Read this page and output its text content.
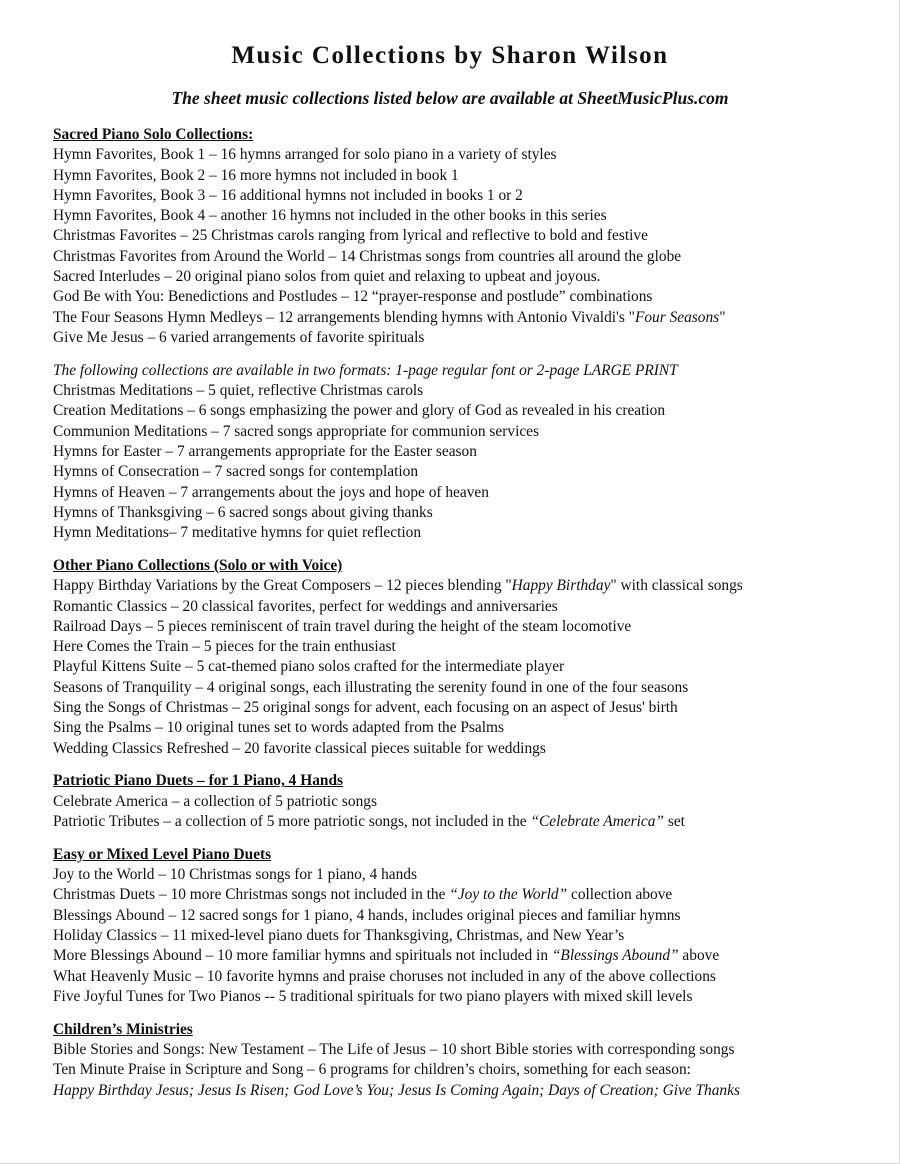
Music Collections by Sharon Wilson
The sheet music collections listed below are available at SheetMusicPlus.com
Sacred Piano Solo Collections:
Hymn Favorites, Book 1 – 16 hymns arranged for solo piano in a variety of styles
Hymn Favorites, Book 2 – 16 more hymns not included in book 1
Hymn Favorites, Book 3 – 16 additional hymns not included in books 1 or 2
Hymn Favorites, Book 4 – another 16 hymns not included in the other books in this series
Christmas Favorites – 25 Christmas carols ranging from lyrical and reflective to bold and festive
Christmas Favorites from Around the World – 14 Christmas songs from countries all around the globe
Sacred Interludes – 20 original piano solos from quiet and relaxing to upbeat and joyous.
God Be with You: Benedictions and Postludes – 12 “prayer-response and postlude” combinations
The Four Seasons Hymn Medleys – 12 arrangements blending hymns with Antonio Vivaldi's "Four Seasons"
Give Me Jesus – 6 varied arrangements of favorite spirituals
The following collections are available in two formats: 1-page regular font or 2-page LARGE PRINT
Christmas Meditations – 5 quiet, reflective Christmas carols
Creation Meditations – 6 songs emphasizing the power and glory of God as revealed in his creation
Communion Meditations – 7 sacred songs appropriate for communion services
Hymns for Easter – 7 arrangements appropriate for the Easter season
Hymns of Consecration – 7 sacred songs for contemplation
Hymns of Heaven – 7 arrangements about the joys and hope of heaven
Hymns of Thanksgiving – 6 sacred songs about giving thanks
Hymn Meditations– 7 meditative hymns for quiet reflection
Other Piano Collections (Solo or with Voice)
Happy Birthday Variations by the Great Composers – 12 pieces blending "Happy Birthday" with classical songs
Romantic Classics – 20 classical favorites, perfect for weddings and anniversaries
Railroad Days – 5 pieces reminiscent of train travel during the height of the steam locomotive
Here Comes the Train – 5 pieces for the train enthusiast
Playful Kittens Suite – 5 cat-themed piano solos crafted for the intermediate player
Seasons of Tranquility – 4 original songs, each illustrating the serenity found in one of the four seasons
Sing the Songs of Christmas – 25 original songs for advent, each focusing on an aspect of Jesus' birth
Sing the Psalms – 10 original tunes set to words adapted from the Psalms
Wedding Classics Refreshed – 20 favorite classical pieces suitable for weddings
Patriotic Piano Duets – for 1 Piano, 4 Hands
Celebrate America – a collection of 5 patriotic songs
Patriotic Tributes – a collection of 5 more patriotic songs, not included in the “Celebrate America” set
Easy or Mixed Level Piano Duets
Joy to the World – 10 Christmas songs for 1 piano, 4 hands
Christmas Duets – 10 more Christmas songs not included in the “Joy to the World” collection above
Blessings Abound – 12 sacred songs for 1 piano, 4 hands, includes original pieces and familiar hymns
Holiday Classics – 11 mixed-level piano duets for Thanksgiving, Christmas, and New Year’s
More Blessings Abound – 10 more familiar hymns and spirituals not included in “Blessings Abound” above
What Heavenly Music – 10 favorite hymns and praise choruses not included in any of the above collections
Five Joyful Tunes for Two Pianos -- 5 traditional spirituals for two piano players with mixed skill levels
Children’s Ministries
Bible Stories and Songs: New Testament – The Life of Jesus – 10 short Bible stories with corresponding songs
Ten Minute Praise in Scripture and Song – 6 programs for children’s choirs, something for each season:
Happy Birthday Jesus; Jesus Is Risen; God Love’s You; Jesus Is Coming Again; Days of Creation; Give Thanks
